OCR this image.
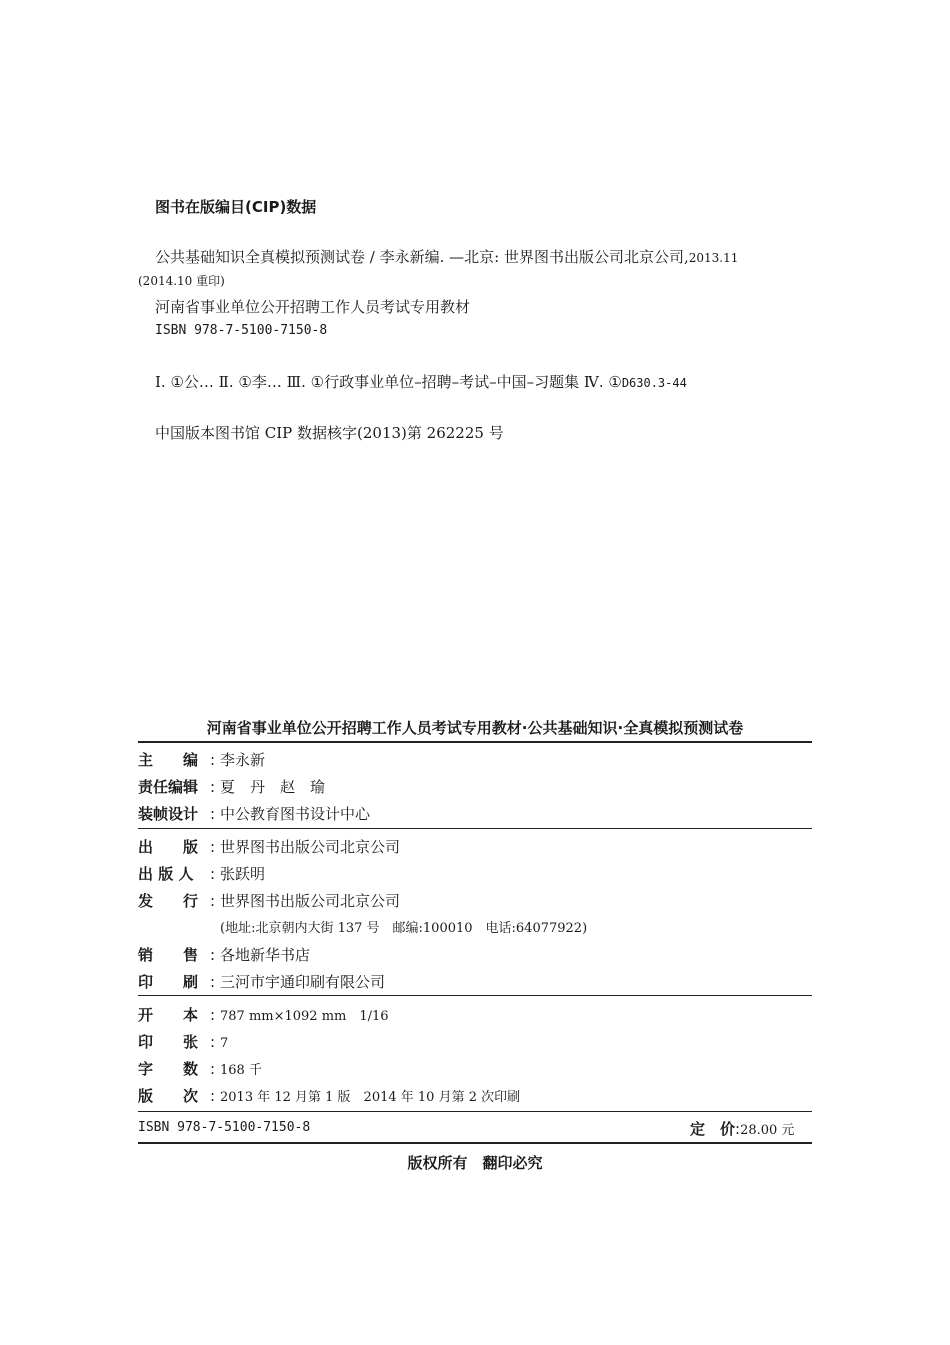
图书在版编目(CIP)数据
公共基础知识全真模拟预测试卷 / 李永新编. —北京: 世界图书出版公司北京公司,2013.11
(2014.10 重印)
河南省事业单位公开招聘工作人员考试专用教材
ISBN 978-7-5100-7150-8
Ⅰ. ①公… Ⅱ. ①李… Ⅲ. ①行政事业单位–招聘–考试–中国–习题集 Ⅳ. ①D630.3-44
中国版本图书馆 CIP 数据核字(2013)第 262225 号
河南省事业单位公开招聘工作人员考试专用教材·公共基础知识·全真模拟预测试卷
主　　编 : 李永新
责任编辑 : 夏　丹　赵　瑜
装帧设计 : 中公教育图书设计中心
出　　版 : 世界图书出版公司北京公司
出 版 人 : 张跃明
发　　行 : 世界图书出版公司北京公司
(地址:北京朝内大街 137 号　邮编:100010　电话:64077922)
销　　售 : 各地新华书店
印　　刷 : 三河市宇通印刷有限公司
开　　本 : 787 mm×1092 mm　1/16
印　　张 : 7
字　　数 : 168 千
版　　次 : 2013 年 12 月第 1 版　2014 年 10 月第 2 次印刷
ISBN 978-7-5100-7150-8	定　价:28.00 元
版权所有　翻印必究
